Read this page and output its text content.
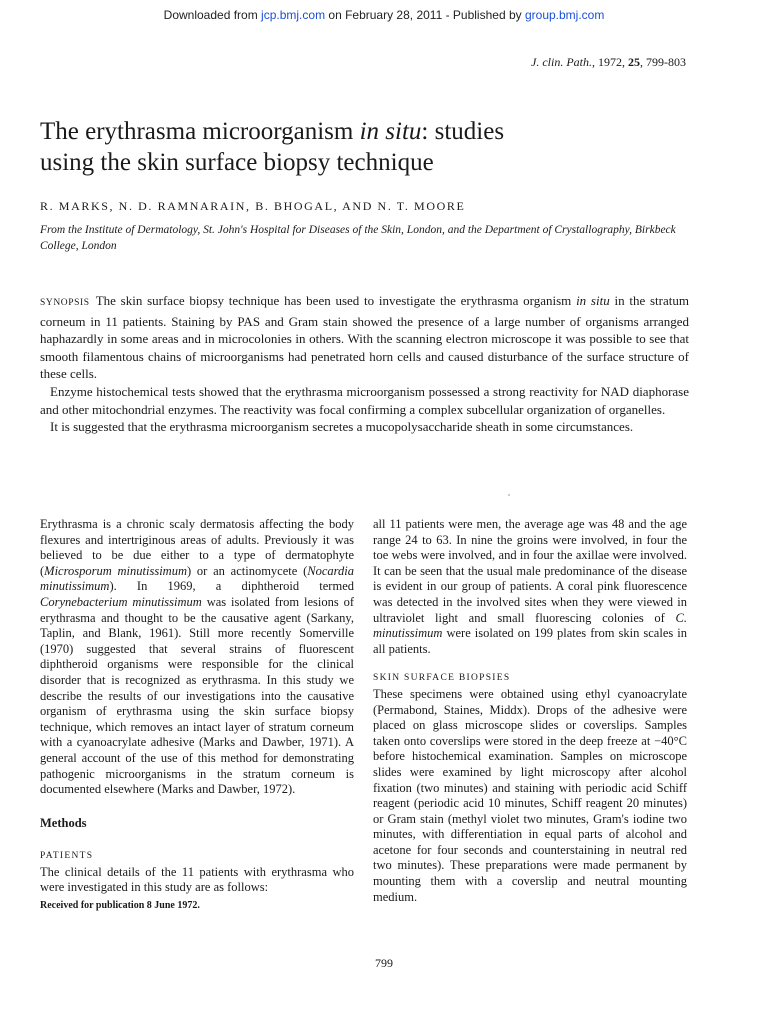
Downloaded from jcp.bmj.com on February 28, 2011 - Published by group.bmj.com
J. clin. Path., 1972, 25, 799-803
The erythrasma microorganism in situ: studies
using the skin surface biopsy technique
R. MARKS, N. D. RAMNARAIN, B. BHOGAL, AND N. T. MOORE
From the Institute of Dermatology, St. John's Hospital for Diseases of the Skin, London, and the Department of Crystallography, Birkbeck College, London

SYNOPSIS The skin surface biopsy technique has been used to investigate the erythrasma organism in situ in the stratum corneum in 11 patients. Staining by PAS and Gram stain showed the presence of a large number of organisms arranged haphazardly in some areas and in microcolonies in others. With the scanning electron microscope it was possible to see that smooth filamentous chains of microorganisms had penetrated horn cells and caused disturbance of the surface structure of these cells.

Enzyme histochemical tests showed that the erythrasma microorganism possessed a strong reactivity for NAD diaphorase and other mitochondrial enzymes. The reactivity was focal confirming a complex subcellular organization of organelles.

It is suggested that the erythrasma microorganism secretes a mucopolysaccharide sheath in some circumstances.

Erythrasma is a chronic scaly dermatosis affecting the body flexures and intertriginous areas of adults. Previously it was believed to be due either to a type of dermatophyte (Microsporum minutissimum) or an actinomycete (Nocardia minutissimum). In 1969, a diphtheroid termed Corynebacterium minutissimum was isolated from lesions of erythrasma and thought to be the causative agent (Sarkany, Taplin, and Blank, 1961). Still more recently Somerville (1970) suggested that several strains of fluorescent diphtheroid organisms were responsible for the clinical disorder that is recognized as erythrasma. In this study we describe the results of our investigations into the causative organism of erythrasma using the skin surface biopsy technique, which removes an intact layer of stratum corneum with a cyanoacrylate adhesive (Marks and Dawber, 1971). A general account of the use of this method for demonstrating pathogenic microorganisms in the stratum corneum is documented elsewhere (Marks and Dawber, 1972).

Methods

PATIENTS

The clinical details of the 11 patients with erythrasma who were investigated in this study are as follows:

Received for publication 8 June 1972.

all 11 patients were men, the average age was 48 and the age range 24 to 63. In nine the groins were involved, in four the toe webs were involved, and in four the axillae were involved. It can be seen that the usual male predominance of the disease is evident in our group of patients. A coral pink fluorescence was detected in the involved sites when they were viewed in ultraviolet light and small fluorescing colonies of C. minutissimum were isolated on 199 plates from skin scales in all patients.

SKIN SURFACE BIOPSIES

These specimens were obtained using ethyl cyanoacrylate (Permabond, Staines, Middx). Drops of the adhesive were placed on glass microscope slides or coverslips. Samples taken onto coverslips were stored in the deep freeze at −40°C before histochemical examination. Samples on microscope slides were examined by light microscopy after alcohol fixation (two minutes) and staining with periodic acid Schiff reagent (periodic acid 10 minutes, Schiff reagent 20 minutes) or Gram stain (methyl violet two minutes, Gram's iodine two minutes, with differentiation in equal parts of alcohol and acetone for four seconds and counterstaining in neutral red two minutes). These preparations were made permanent by mounting them with a coverslip and neutral mounting medium.

799
